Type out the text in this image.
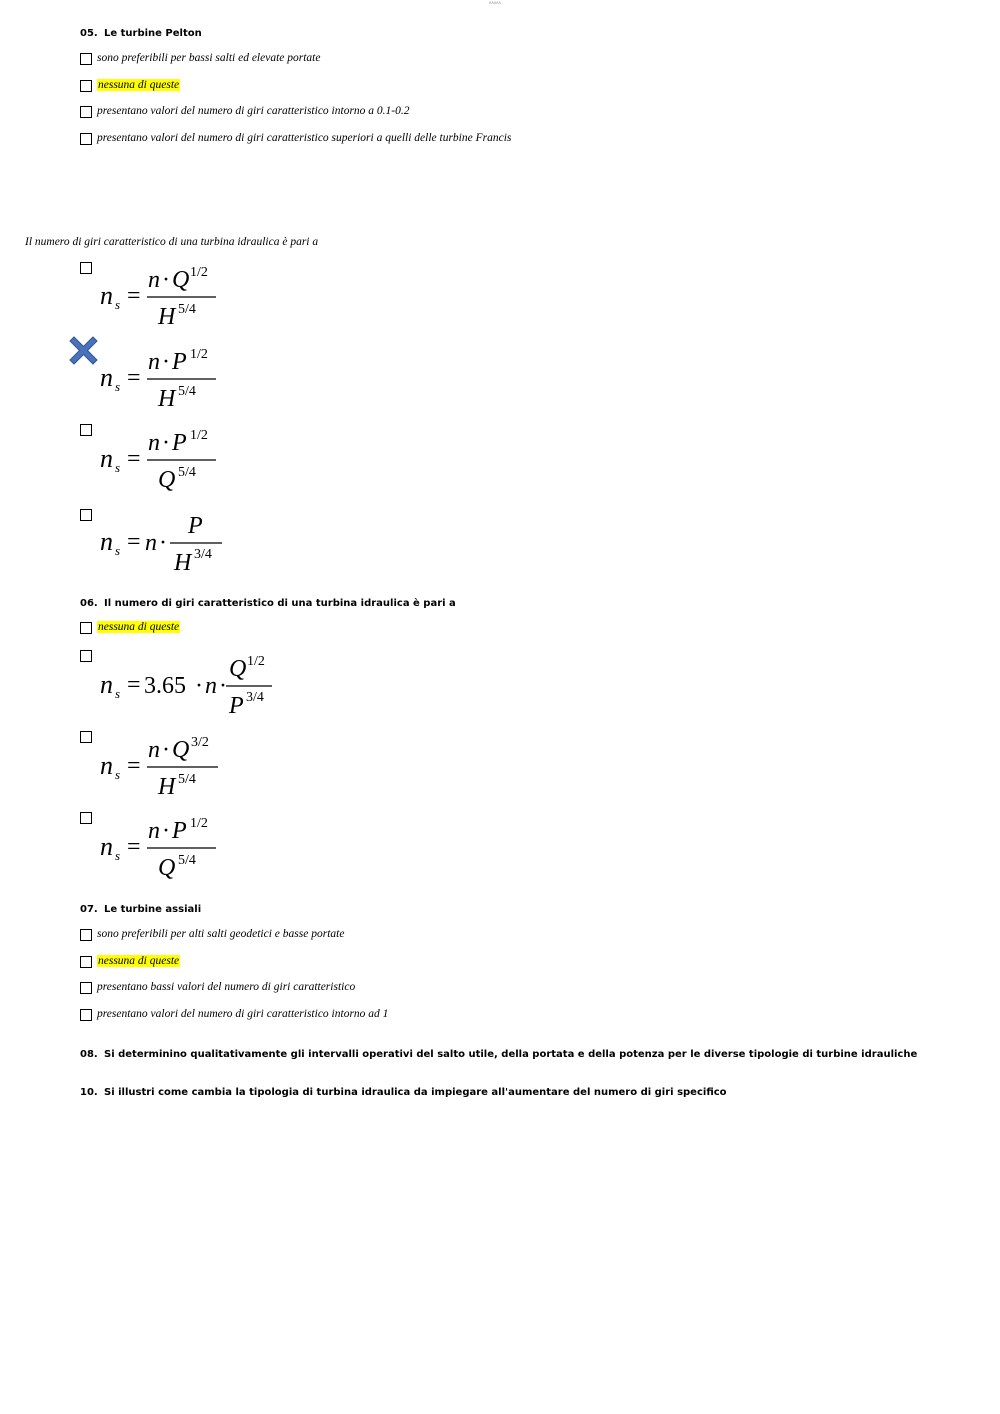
ʌʌʌʌʌ
05. Le turbine Pelton
sono preferibili per bassi salti ed elevate portate
nessuna di queste
presentano valori del numero di giri caratteristico intorno a 0.1-0.2
presentano valori del numero di giri caratteristico superiori a quelli delle turbine Francis
Il numero di giri caratteristico di una turbina idraulica è pari a
n s =
n · Q 1/2
H 5/4
n s =
n · P 1/2
H 5/4
n s =
n · P 1/2
Q 5/4
n s = n ·
P
H 3/4
06. Il numero di giri caratteristico di una turbina idraulica è pari a
nessuna di queste
n s = 3.65 · n ·
Q 1/2
P 3/4
n s =
n · Q 3/2
H 5/4
n s =
n · P 1/2
Q 5/4
07. Le turbine assiali
sono preferibili per alti salti geodetici e basse portate
nessuna di queste
presentano bassi valori del numero di giri caratteristico
presentano valori del numero di giri caratteristico intorno ad 1
08. Si determinino qualitativamente gli intervalli operativi del salto utile, della portata e della potenza per le diverse tipologie di turbine idrauliche
10. Si illustri come cambia la tipologia di turbina idraulica da impiegare all'aumentare del numero di giri specifico
